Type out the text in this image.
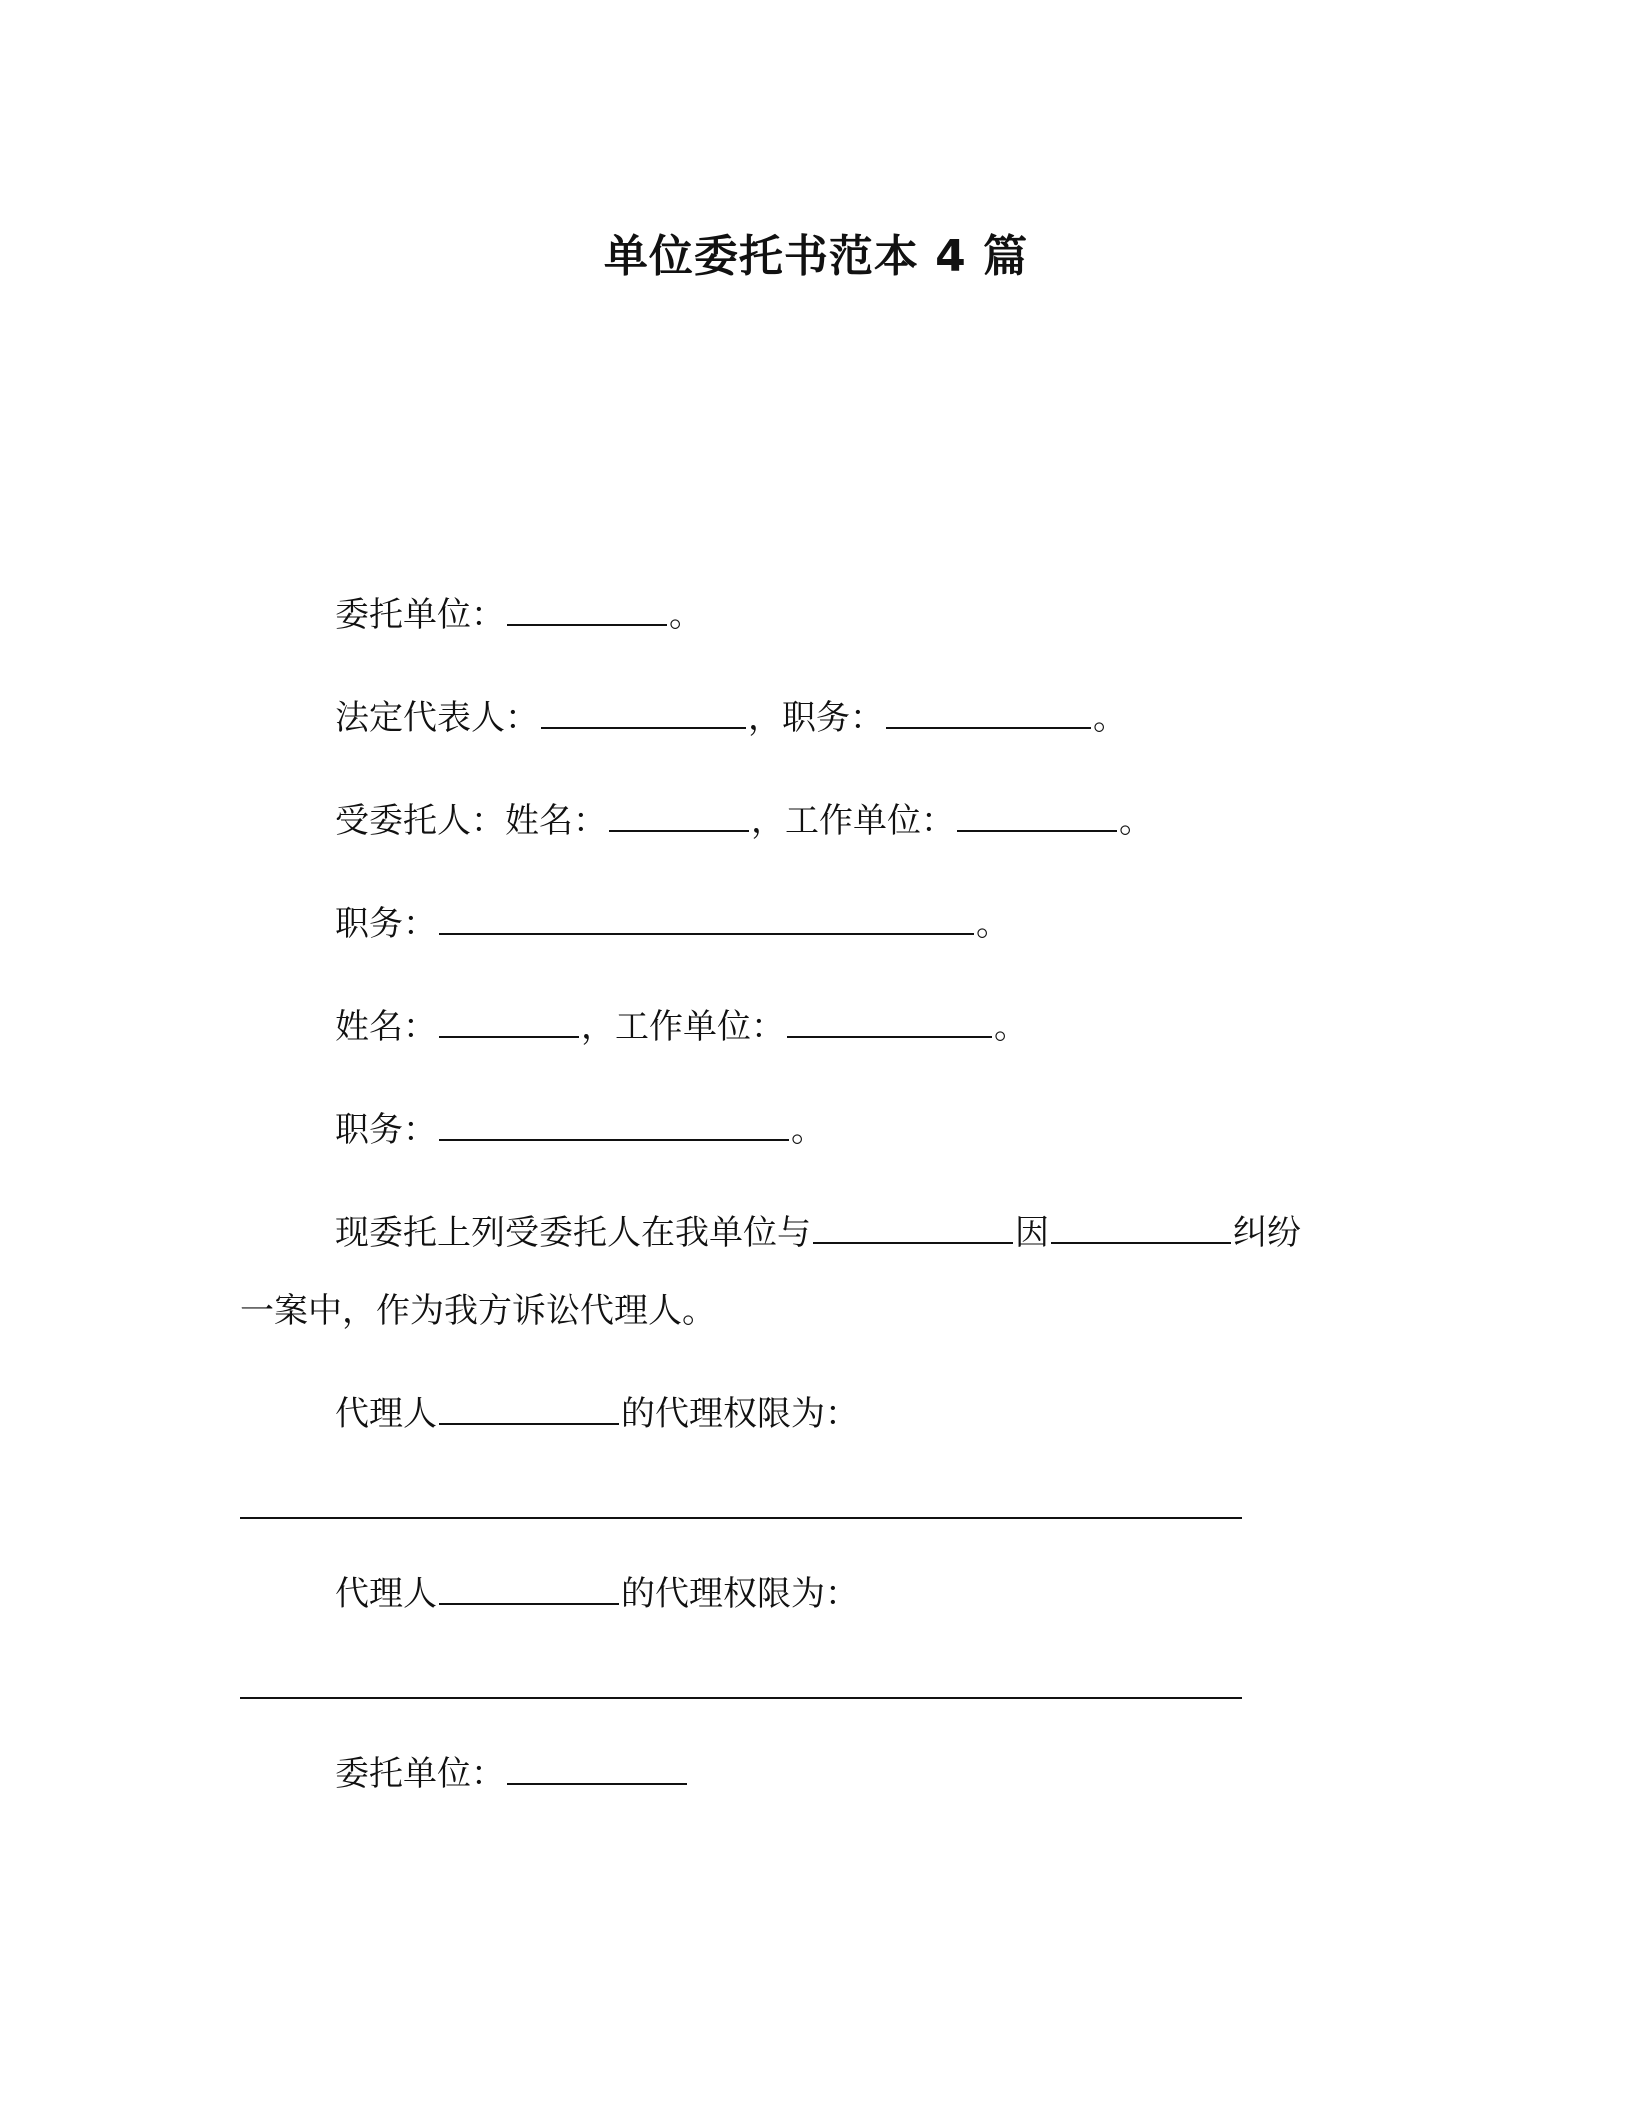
单位委托书范本 4 篇

委托单位：	。

法定代表人：	，职务：	。

受委托人：姓名：	，工作单位：	。

职务：	。

姓名：	，工作单位：	。

职务：	。

现委托上列受委托人在我单位与	因	纠纷

一案中，作为我方诉讼代理人。

代理人	的代理权限为：

代理人	的代理权限为：

委托单位：
